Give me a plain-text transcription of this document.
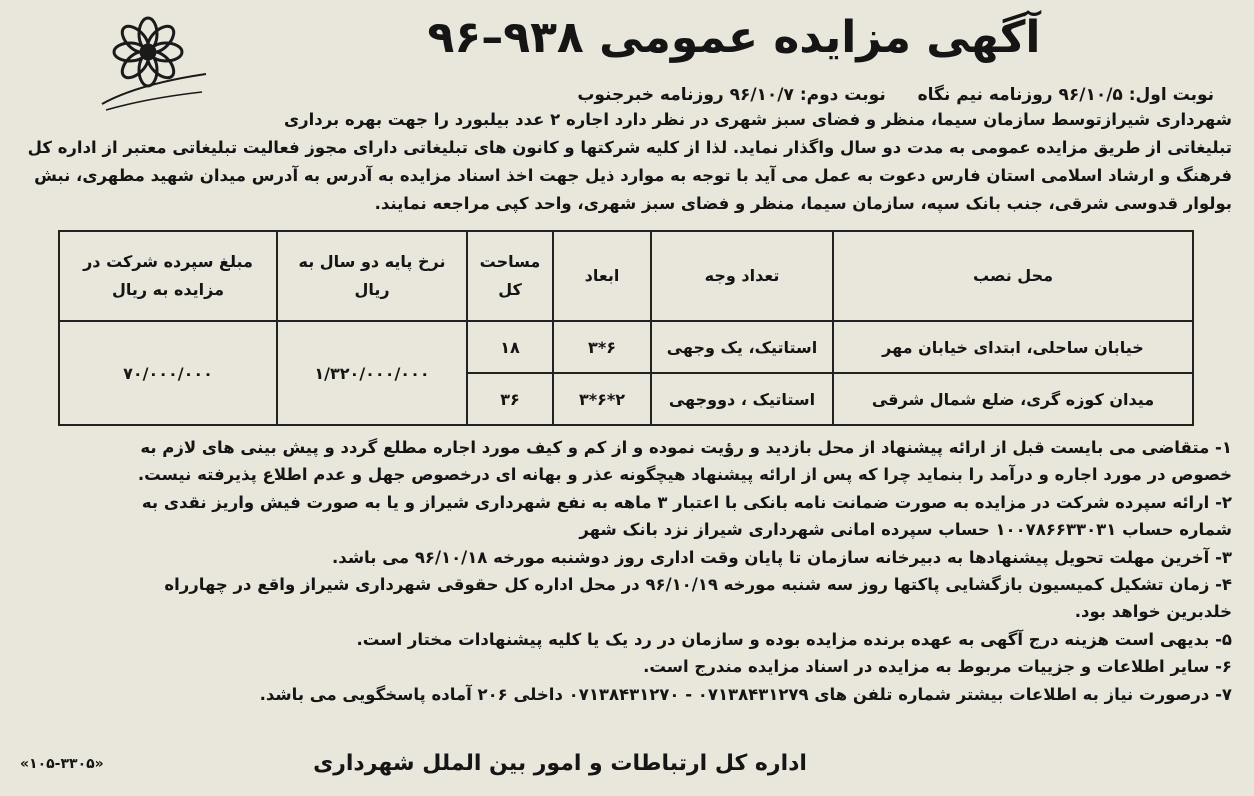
آگهی مزایده عمومی ۹۳۸–۹۶
نوبت اول: ۹۶/۱۰/۵ روزنامه نیم نگاه نوبت دوم: ۹۶/۱۰/۷ روزنامه خبرجنوب
شهرداری شیرازتوسط سازمان سیما، منظر و فضای سبز شهری در نظر دارد اجاره ۲ عدد بیلبورد را جهت بهره برداری
تبلیغاتی از طریق مزایده عمومی به مدت دو سال واگذار نماید. لذا از کلیه شرکتها و کانون های تبلیغاتی دارای مجوز فعالیت تبلیغاتی معتبر از اداره کل
فرهنگ و ارشاد اسلامی استان فارس دعوت به عمل می آید با توجه به موارد ذیل جهت اخذ اسناد مزایده به آدرس به آدرس میدان شهید مطهری، نبش
بولوار قدوسی شرقی، جنب بانک سپه، سازمان سیما، منظر و فضای سبز شهری، واحد کپی مراجعه نمایند.
محل نصب	تعداد وجه	ابعاد	مساحت کل	نرخ پایه دو سال به ریال	مبلغ سپرده شرکت در مزایده به ریال
خیابان ساحلی، ابتدای خیابان مهر	استاتیک، یک وجهی	۶*۳	۱۸	۱/۳۲۰/۰۰۰/۰۰۰	۷۰/۰۰۰/۰۰۰
میدان کوزه گری، ضلع شمال شرقی	استاتیک ، دووجهی	۲*۶*۳	۳۶		
۱- متقاضی می بایست قبل از ارائه پیشنهاد از محل بازدید و رؤیت نموده و از کم و کیف مورد اجاره مطلع گردد و پیش بینی های لازم به
خصوص در مورد اجاره و درآمد را بنماید چرا که پس از ارائه پیشنهاد هیچگونه عذر و بهانه ای درخصوص جهل و عدم اطلاع پذیرفته نیست.
۲- ارائه سپرده شرکت در مزایده به صورت ضمانت نامه بانکی با اعتبار ۳ ماهه به نفع شهرداری شیراز و یا به صورت فیش واریز نقدی به
شماره حساب ۱۰۰۷۸۶۶۳۳۰۳۱ حساب سپرده امانی شهرداری شیراز نزد بانک شهر
۳- آخرین مهلت تحویل پیشنهادها به دبیرخانه سازمان تا پایان وقت اداری روز دوشنبه مورخه ۹۶/۱۰/۱۸ می باشد.
۴- زمان تشکیل کمیسیون بازگشایی پاکتها روز سه شنبه مورخه ۹۶/۱۰/۱۹ در محل اداره کل حقوقی شهرداری شیراز واقع در چهارراه
خلدبرین خواهد بود.
۵- بدیهی است هزینه درج آگهی به عهده برنده مزایده بوده و سازمان در رد یک یا کلیه پیشنهادات مختار است.
۶- سایر اطلاعات و جزییات مربوط به مزایده در اسناد مزایده مندرج است.
۷- درصورت نیاز به اطلاعات بیشتر شماره تلفن های ۰۷۱۳۸۴۳۱۲۷۹ - ۰۷۱۳۸۴۳۱۲۷۰ داخلی ۲۰۶ آماده پاسخگویی می باشد.
اداره کل ارتباطات و امور بین الملل شهرداری
«۱۰۵-۳۳۰۵»
